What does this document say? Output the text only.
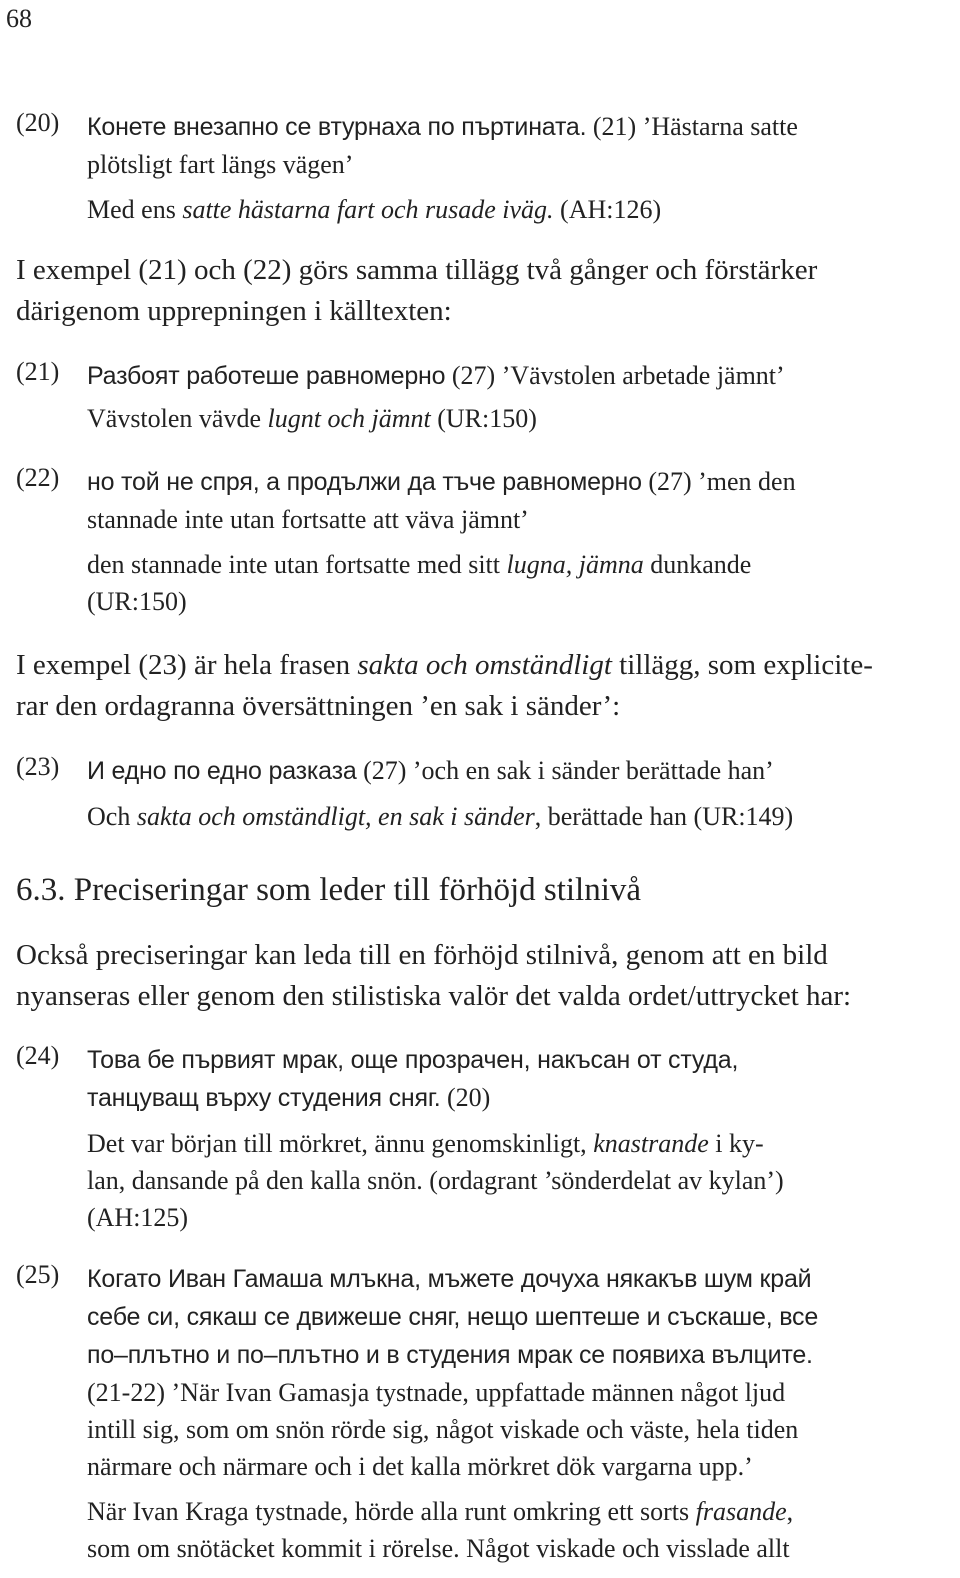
68
(20) Конете внезапно се втурнаха по пъртината. (21) ’Hästarna satte
plötsligt fart längs vägen’
Med ens satte hästarna fart och rusade iväg. (AH:126)
I exempel (21) och (22) görs samma tillägg två gånger och förstärker
därigenom upprepningen i källtexten:
(21) Разбоят работеше равномерно (27) ’Vävstolen arbetade jämnt’
Vävstolen vävde lugnt och jämnt (UR:150)
(22) но той не спря, а продължи да тъче равномерно (27) ’men den
stannade inte utan fortsatte att väva jämnt’
den stannade inte utan fortsatte med sitt lugna, jämna dunkande
(UR:150)
I exempel (23) är hela frasen sakta och omständligt tillägg, som explicite-
rar den ordagranna översättningen ’en sak i sänder’:
(23) И едно по едно разказа (27) ’och en sak i sänder berättade han’
Och sakta och omständligt, en sak i sänder, berättade han (UR:149)
6.3. Preciseringar som leder till förhöjd stilnivå
Också preciseringar kan leda till en förhöjd stilnivå, genom att en bild
nyanseras eller genom den stilistiska valör det valda ordet/uttrycket har:
(24) Това бе първият мрак, още прозрачен, накъсан от студа,
танцуващ върху студения сняг. (20)
Det var början till mörkret, ännu genomskinligt, knastrande i ky-
lan, dansande på den kalla snön. (ordagrant ’sönderdelat av kylan’)
(AH:125)
(25) Когато Иван Гамаша млъкна, мъжете дочуха някакъв шум край
себе си, сякаш се движеше сняг, нещо шептеше и съскаше, все
по–плътно и по–плътно и в студения мрак се появиха вълците.
(21-22) ’När Ivan Gamasja tystnade, uppfattade männen något ljud
intill sig, som om snön rörde sig, något viskade och väste, hela tiden
närmare och närmare och i det kalla mörkret dök vargarna upp.’
När Ivan Kraga tystnade, hörde alla runt omkring ett sorts frasande,
som om snötäcket kommit i rörelse. Något viskade och visslade allt
